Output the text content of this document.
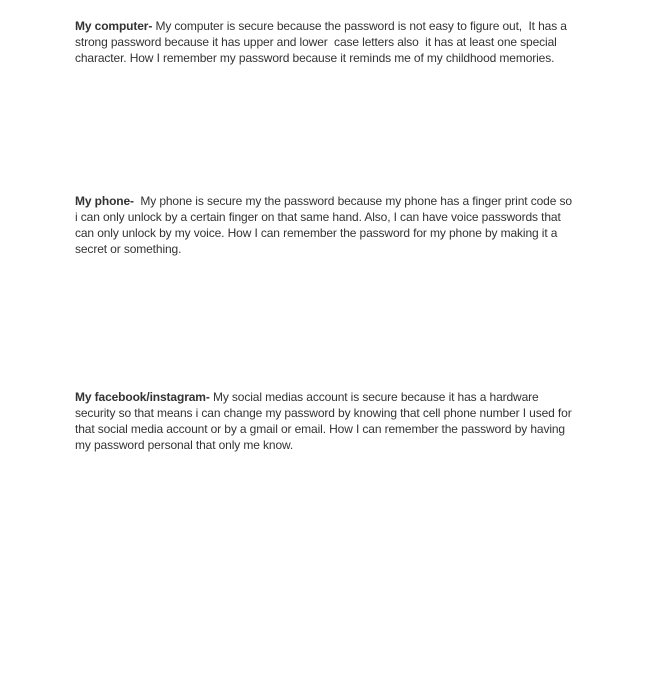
My computer- My computer is secure because the password is not easy to figure out,  It has a strong password because it has upper and lower  case letters also  it has at least one special character. How I remember my password because it reminds me of my childhood memories.

My phone-  My phone is secure my the password because my phone has a finger print code so i can only unlock by a certain finger on that same hand. Also, I can have voice passwords that can only unlock by my voice. How I can remember the password for my phone by making it a secret or something.

My facebook/instagram- My social medias account is secure because it has a hardware security so that means i can change my password by knowing that cell phone number I used for that social media account or by a gmail or email. How I can remember the password by having my password personal that only me know.
